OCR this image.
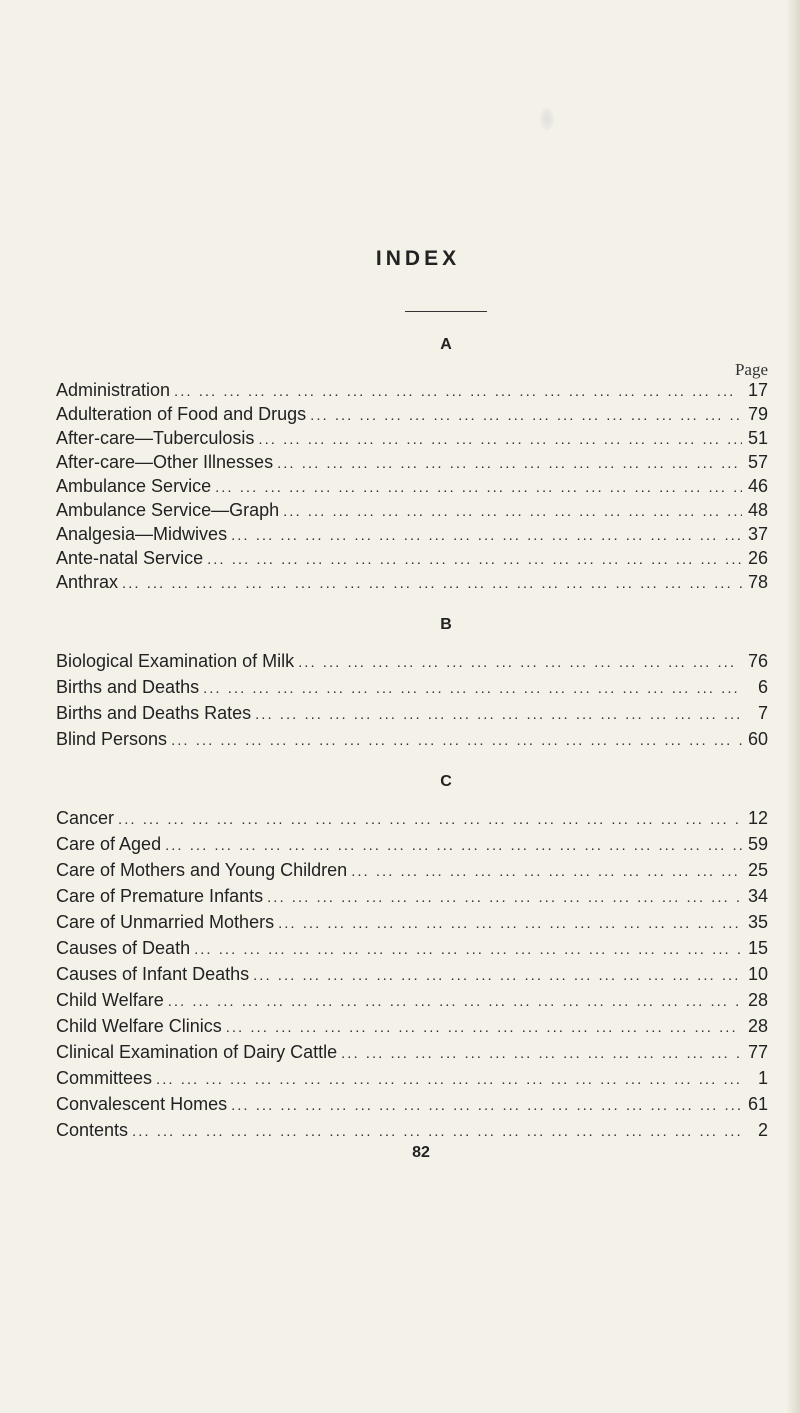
INDEX
A
Page
Administration ... .	17
Adulteration of Food and Drugs ... .	79
After-care—Tuberculosis ... .	51
After-care—Other Illnesses ... .	57
Ambulance Service ... .	46
Ambulance Service—Graph ... .	48
Analgesia—Midwives ... .	37
Ante-natal Service ... .	26
Anthrax ... .	78
B
Biological Examination of Milk ... .	76
Births and Deaths ... .	6
Births and Deaths Rates ... .	7
Blind Persons ... .	60
C
Cancer ... .	12
Care of Aged ... .	59
Care of Mothers and Young Children ... .	25
Care of Premature Infants ... .	34
Care of Unmarried Mothers ... .	35
Causes of Death ... .	15
Causes of Infant Deaths ... .	10
Child Welfare ... .	28
Child Welfare Clinics ... .	28
Clinical Examination of Dairy Cattle ... .	77
Committees ... .	1
Convalescent Homes ... .	61
Contents ... .	2
82
